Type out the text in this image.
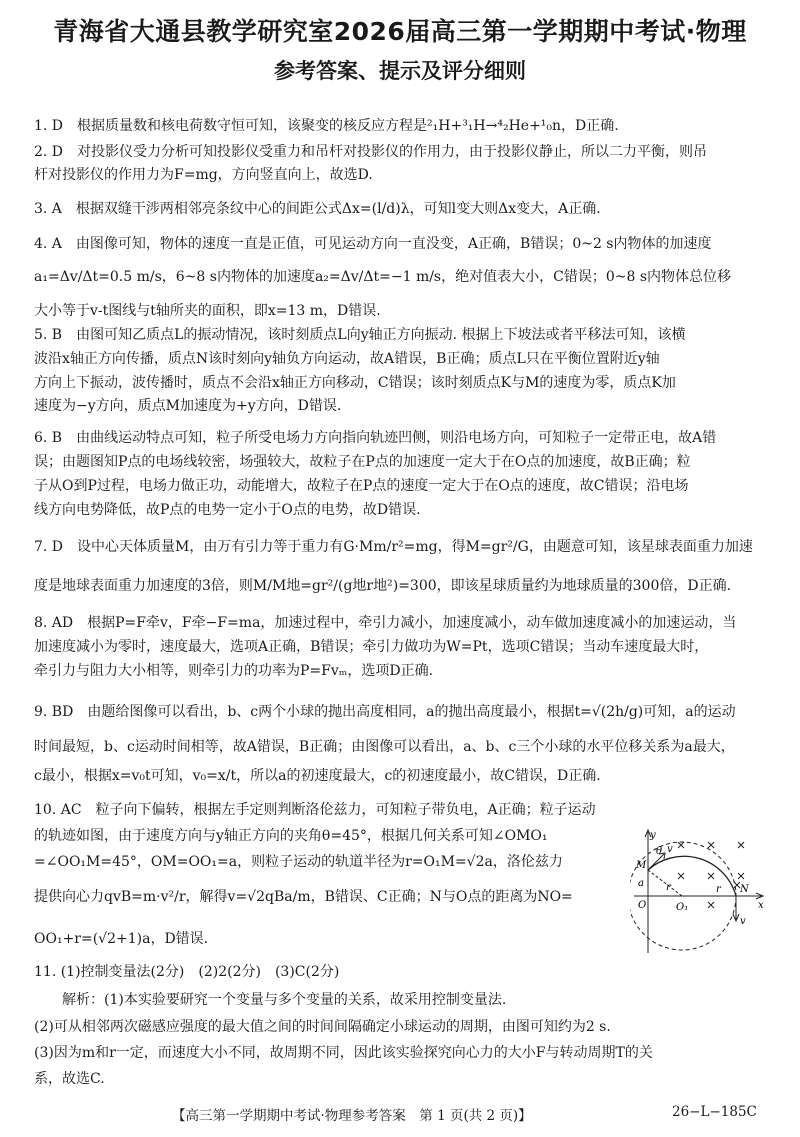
青海省大通县教学研究室2026届高三第一学期期中考试·物理
参考答案、提示及评分细则
1. D　根据质量数和核电荷数守恒可知，该聚变的核反应方程是²₁H+³₁H→⁴₂He+¹₀n，D正确.
2. D　对投影仪受力分析可知投影仪受重力和吊杆对投影仪的作用力，由于投影仪静止，所以二力平衡，则吊
杆对投影仪的作用力为F=mg，方向竖直向上，故选D.
3. A　根据双缝干涉两相邻亮条纹中心的间距公式Δx=(l/d)λ，可知l变大则Δx变大，A正确.
4. A　由图像可知，物体的速度一直是正值，可见运动方向一直没变，A正确，B错误；0~2 s内物体的加速度
a₁=Δv/Δt=0.5 m/s，6~8 s内物体的加速度a₂=Δv/Δt=−1 m/s，绝对值表大小，C错误；0~8 s内物体总位移
大小等于v-t图线与t轴所夹的面积，即x=13 m，D错误.
5. B　由图可知乙质点L的振动情况，该时刻质点L向y轴正方向振动. 根据上下坡法或者平移法可知，该横
波沿x轴正方向传播，质点N该时刻向y轴负方向运动，故A错误，B正确；质点L只在平衡位置附近y轴
方向上下振动，波传播时，质点不会沿x轴正方向移动，C错误；该时刻质点K与M的速度为零，质点K加
速度为−y方向，质点M加速度为+y方向，D错误.
6. B　由曲线运动特点可知，粒子所受电场力方向指向轨迹凹侧，则沿电场方向，可知粒子一定带正电，故A错
误；由题图知P点的电场线较密，场强较大，故粒子在P点的加速度一定大于在O点的加速度，故B正确；粒
子从O到P过程，电场力做正功，动能增大，故粒子在P点的速度一定大于在O点的速度，故C错误；沿电场
线方向电势降低，故P点的电势一定小于O点的电势，故D错误.
7. D　设中心天体质量M，由万有引力等于重力有G·Mm/r²=mg，得M=gr²/G，由题意可知，该星球表面重力加速
度是地球表面重力加速度的3倍，则M/M地=gr²/(g地r地²)=300，即该星球质量约为地球质量的300倍，D正确.
8. AD　根据P=F牵v，F牵−F=ma，加速过程中，牵引力减小，加速度减小，动车做加速度减小的加速运动，当
加速度减小为零时，速度最大，选项A正确，B错误；牵引力做功为W=Pt，选项C错误；当动车速度最大时，
牵引力与阻力大小相等，则牵引力的功率为P=Fvₘ，选项D正确.
9. BD　由题给图像可以看出，b、c两个小球的抛出高度相同，a的抛出高度最小，根据t=√(2h/g)可知，a的运动
时间最短，b、c运动时间相等，故A错误，B正确；由图像可以看出，a、b、c三个小球的水平位移关系为a最大，
c最小，根据x=v₀t可知，v₀=x/t，所以a的初速度最大，c的初速度最小，故C错误，D正确.
10. AC　粒子向下偏转，根据左手定则判断洛伦兹力，可知粒子带负电，A正确；粒子运动
的轨迹如图，由于速度方向与y轴正方向的夹角θ=45°，根据几何关系可知∠OMO₁
=∠OO₁M=45°，OM=OO₁=a，则粒子运动的轨道半径为r=O₁M=√2a，洛伦兹力
提供向心力qvB=m·v²/r，解得v=√2qBa/m，B错误、C正确；N与O点的距离为NO=
OO₁+r=(√2+1)a，D错误.
11. (1)控制变量法(2分)　(2)2(2分)　(3)C(2分)
解析：(1)本实验要研究一个变量与多个变量的关系，故采用控制变量法.
(2)可从相邻两次磁感应强度的最大值之间的时间间隔确定小球运动的周期，由图可知约为2 s.
(3)因为m和r一定，而速度大小不同，故周期不同，因此该实验探究向心力的大小F与转动周期T的关
系，故选C.
y
θ v
M
a r
O	O₁
r N
x
v
【高三第一学期期中考试·物理参考答案　第 1 页(共 2 页)】	26−L−185C
